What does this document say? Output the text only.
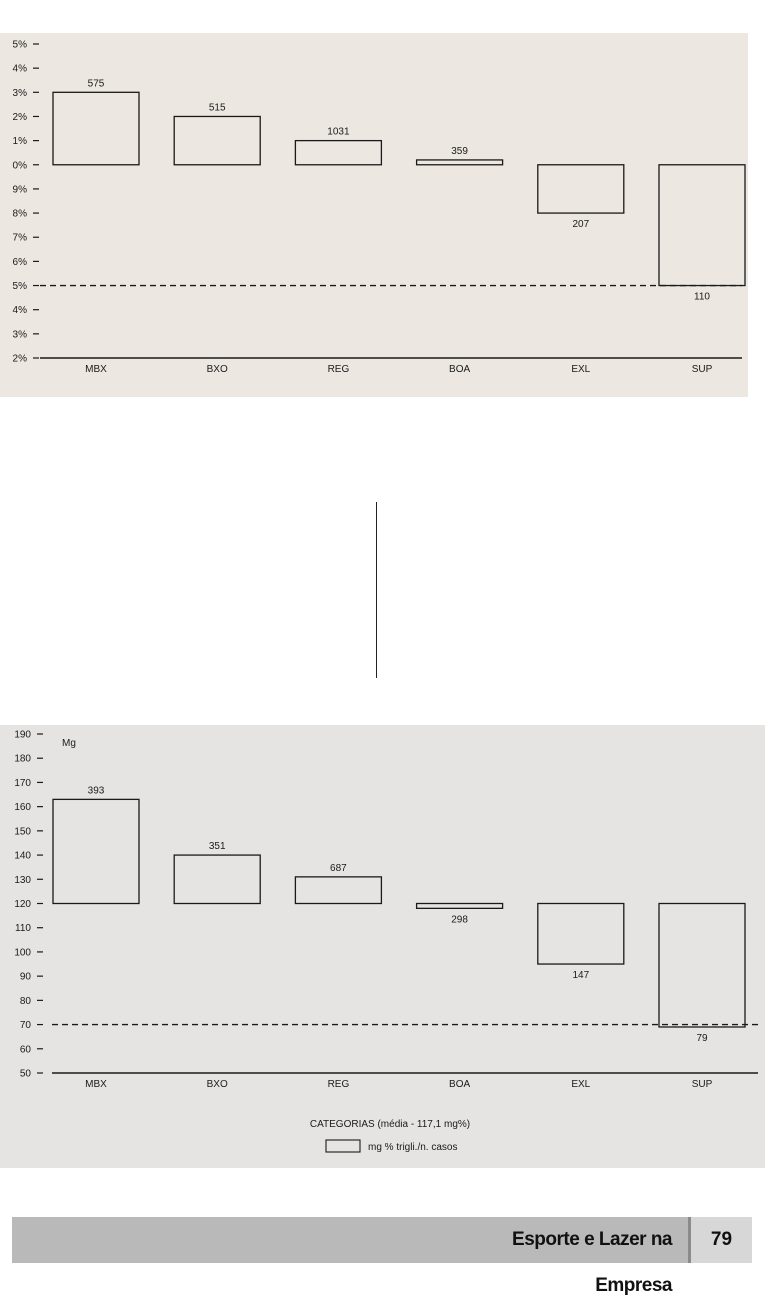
5%
4%
3%
2%
1%
0%
9%
8%
7%
6%
5%
4%
3%
2%
575
MBX
515
BXO
1031
REG
359
BOA
207
EXL
110
SUP
190
180
170
160
150
140
130
120
110
100
90
80
70
60
50
Mg
393
MBX
351
BXO
687
REG
298
BOA
147
EXL
79
SUP
CATEGORIAS (média - 117,1 mg%)
mg % trigli./n. casos
Esporte e Lazer na Empresa
79
